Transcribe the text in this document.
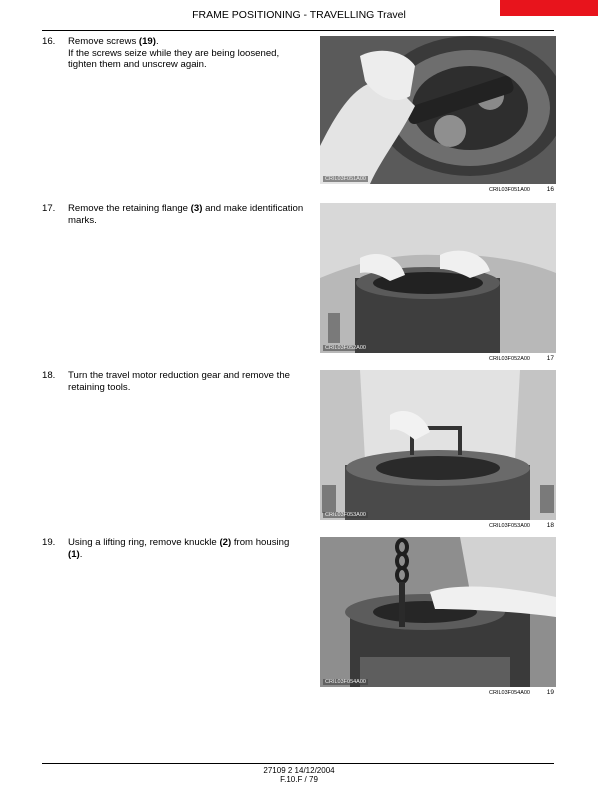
FRAME POSITIONING - TRAVELLING Travel
16. Remove screws (19).
If the screws seize while they are being loosened, tighten them and unscrew again.
CRIL03F051A00
CRIL03F051A00	16
17. Remove the retaining flange (3) and make identification marks.
CRIL03F052A00
CRIL03F052A00	17
18. Turn the travel motor reduction gear and remove the retaining tools.
CRIL03F053A00
CRIL03F053A00	18
19. Using a lifting ring, remove knuckle (2) from housing (1).
CRIL03F054A00
CRIL03F054A00	19
27109 2 14/12/2004
F.10.F / 79
